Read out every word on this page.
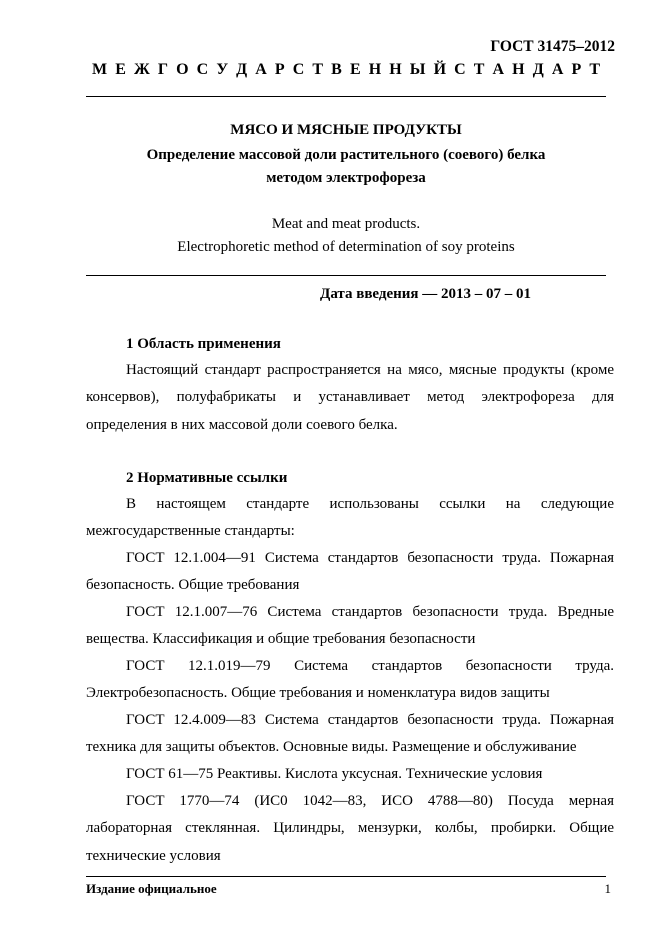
ГОСТ 31475–2012
М Е Ж Г О С У Д А Р С Т В Е Н Н Ы Й С Т А Н Д А Р Т
МЯСО И МЯСНЫЕ ПРОДУКТЫ
Определение массовой доли растительного (соевого) белка
методом электрофореза
Meat and meat products.
Electrophoretic method of determination of soy proteins
Дата введения — 2013 – 07 – 01
1 Область применения

Настоящий стандарт распространяется на мясо, мясные продукты (кроме консервов), полуфабрикаты и устанавливает метод электрофореза для определения в них массовой доли соевого белка.

2 Нормативные ссылки

В настоящем стандарте использованы ссылки на следующие межгосударственные стандарты:

ГОСТ 12.1.004—91 Система стандартов безопасности труда. Пожарная безопасность. Общие требования

ГОСТ 12.1.007—76 Система стандартов безопасности труда. Вредные вещества. Классификация и общие требования безопасности

ГОСТ 12.1.019—79 Система стандартов безопасности труда. Электробезопасность. Общие требования и номенклатура видов защиты

ГОСТ 12.4.009—83 Система стандартов безопасности труда. Пожарная техника для защиты объектов. Основные виды. Размещение и обслуживание

ГОСТ 61—75 Реактивы. Кислота уксусная. Технические условия

ГОСТ 1770—74 (ИС0 1042—83, ИСО 4788—80) Посуда мерная лабораторная стеклянная. Цилиндры, мензурки, колбы, пробирки. Общие технические условия

Издание официальное	1
